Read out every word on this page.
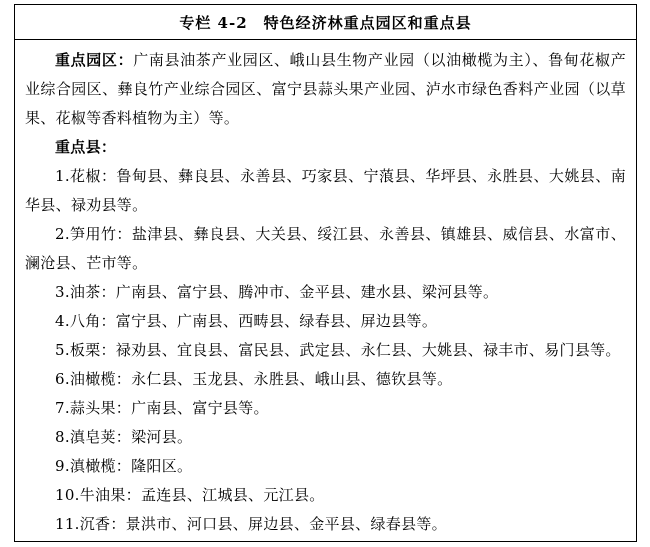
专栏 4-2　特色经济林重点园区和重点县

重点园区：广南县油茶产业园区、峨山县生物产业园（以油橄榄为主）、鲁甸花椒产业综合园区、彝良竹产业综合园区、富宁县蒜头果产业园、泸水市绿色香料产业园（以草果、花椒等香料植物为主）等。

重点县：

1.花椒：鲁甸县、彝良县、永善县、巧家县、宁蒗县、华坪县、永胜县、大姚县、南华县、禄劝县等。

2.笋用竹：盐津县、彝良县、大关县、绥江县、永善县、镇雄县、威信县、水富市、澜沧县、芒市等。

3.油茶：广南县、富宁县、腾冲市、金平县、建水县、梁河县等。

4.八角：富宁县、广南县、西畴县、绿春县、屏边县等。

5.板栗：禄劝县、宜良县、富民县、武定县、永仁县、大姚县、禄丰市、易门县等。

6.油橄榄：永仁县、玉龙县、永胜县、峨山县、德钦县等。

7.蒜头果：广南县、富宁县等。

8.滇皂荚：梁河县。

9.滇橄榄：隆阳区。

10.牛油果：孟连县、江城县、元江县。

11.沉香：景洪市、河口县、屏边县、金平县、绿春县等。
